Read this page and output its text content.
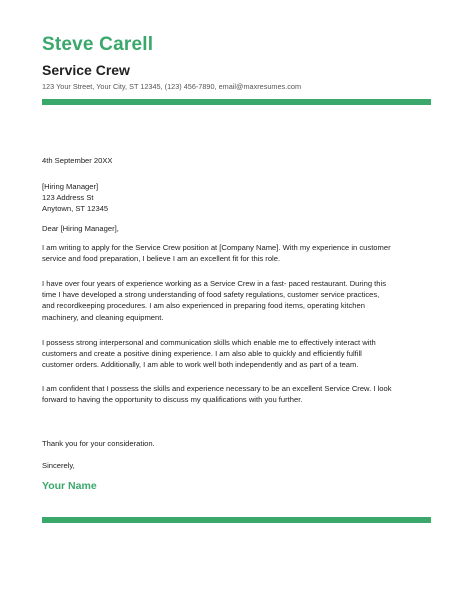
Steve Carell
Service Crew
123 Your Street, Your City, ST 12345, (123) 456-7890, email@maxresumes.com
4th September 20XX
[Hiring Manager]
123 Address St
Anytown, ST 12345
Dear [Hiring Manager],
I am writing to apply for the Service Crew position at [Company Name]. With my experience in customer
service and food preparation, I believe I am an excellent fit for this role.
I have over four years of experience working as a Service Crew in a fast- paced restaurant. During this
time I have developed a strong understanding of food safety regulations, customer service practices,
and recordkeeping procedures. I am also experienced in preparing food items, operating kitchen
machinery, and cleaning equipment.
I possess strong interpersonal and communication skills which enable me to effectively interact with
customers and create a positive dining experience. I am also able to quickly and efficiently fulfill
customer orders. Additionally, I am able to work well both independently and as part of a team.
I am confident that I possess the skills and experience necessary to be an excellent Service Crew. I look
forward to having the opportunity to discuss my qualifications with you further.
Thank you for your consideration.
Sincerely,
Your Name
